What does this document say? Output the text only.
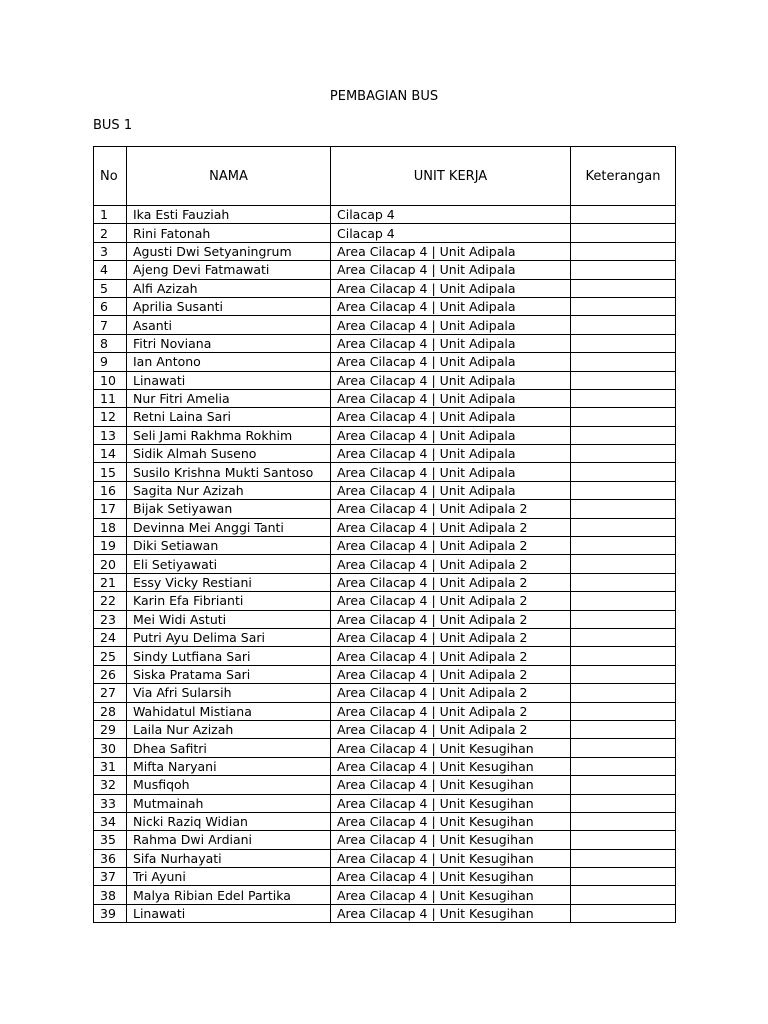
PEMBAGIAN BUS
BUS 1
No	NAMA	UNIT KERJA	Keterangan
1	Ika Esti Fauziah	Cilacap 4	
2	Rini Fatonah	Cilacap 4	
3	Agusti Dwi Setyaningrum	Area Cilacap 4 | Unit Adipala	
4	Ajeng Devi Fatmawati	Area Cilacap 4 | Unit Adipala	
5	Alfi Azizah	Area Cilacap 4 | Unit Adipala	
6	Aprilia Susanti	Area Cilacap 4 | Unit Adipala	
7	Asanti	Area Cilacap 4 | Unit Adipala	
8	Fitri Noviana	Area Cilacap 4 | Unit Adipala	
9	Ian Antono	Area Cilacap 4 | Unit Adipala	
10	Linawati	Area Cilacap 4 | Unit Adipala	
11	Nur Fitri Amelia	Area Cilacap 4 | Unit Adipala	
12	Retni Laina Sari	Area Cilacap 4 | Unit Adipala	
13	Seli Jami Rakhma Rokhim	Area Cilacap 4 | Unit Adipala	
14	Sidik Almah Suseno	Area Cilacap 4 | Unit Adipala	
15	Susilo Krishna Mukti Santoso	Area Cilacap 4 | Unit Adipala	
16	Sagita Nur Azizah	Area Cilacap 4 | Unit Adipala	
17	Bijak Setiyawan	Area Cilacap 4 | Unit Adipala 2	
18	Devinna Mei Anggi Tanti	Area Cilacap 4 | Unit Adipala 2	
19	Diki Setiawan	Area Cilacap 4 | Unit Adipala 2	
20	Eli Setiyawati	Area Cilacap 4 | Unit Adipala 2	
21	Essy Vicky Restiani	Area Cilacap 4 | Unit Adipala 2	
22	Karin Efa Fibrianti	Area Cilacap 4 | Unit Adipala 2	
23	Mei Widi Astuti	Area Cilacap 4 | Unit Adipala 2	
24	Putri Ayu Delima Sari	Area Cilacap 4 | Unit Adipala 2	
25	Sindy Lutfiana Sari	Area Cilacap 4 | Unit Adipala 2	
26	Siska Pratama Sari	Area Cilacap 4 | Unit Adipala 2	
27	Via Afri Sularsih	Area Cilacap 4 | Unit Adipala 2	
28	Wahidatul Mistiana	Area Cilacap 4 | Unit Adipala 2	
29	Laila Nur Azizah	Area Cilacap 4 | Unit Adipala 2	
30	Dhea Safitri	Area Cilacap 4 | Unit Kesugihan	
31	Mifta Naryani	Area Cilacap 4 | Unit Kesugihan	
32	Musfiqoh	Area Cilacap 4 | Unit Kesugihan	
33	Mutmainah	Area Cilacap 4 | Unit Kesugihan	
34	Nicki Raziq Widian	Area Cilacap 4 | Unit Kesugihan	
35	Rahma Dwi Ardiani	Area Cilacap 4 | Unit Kesugihan	
36	Sifa Nurhayati	Area Cilacap 4 | Unit Kesugihan	
37	Tri Ayuni	Area Cilacap 4 | Unit Kesugihan	
38	Malya Ribian Edel Partika	Area Cilacap 4 | Unit Kesugihan	
39	Linawati	Area Cilacap 4 | Unit Kesugihan	
